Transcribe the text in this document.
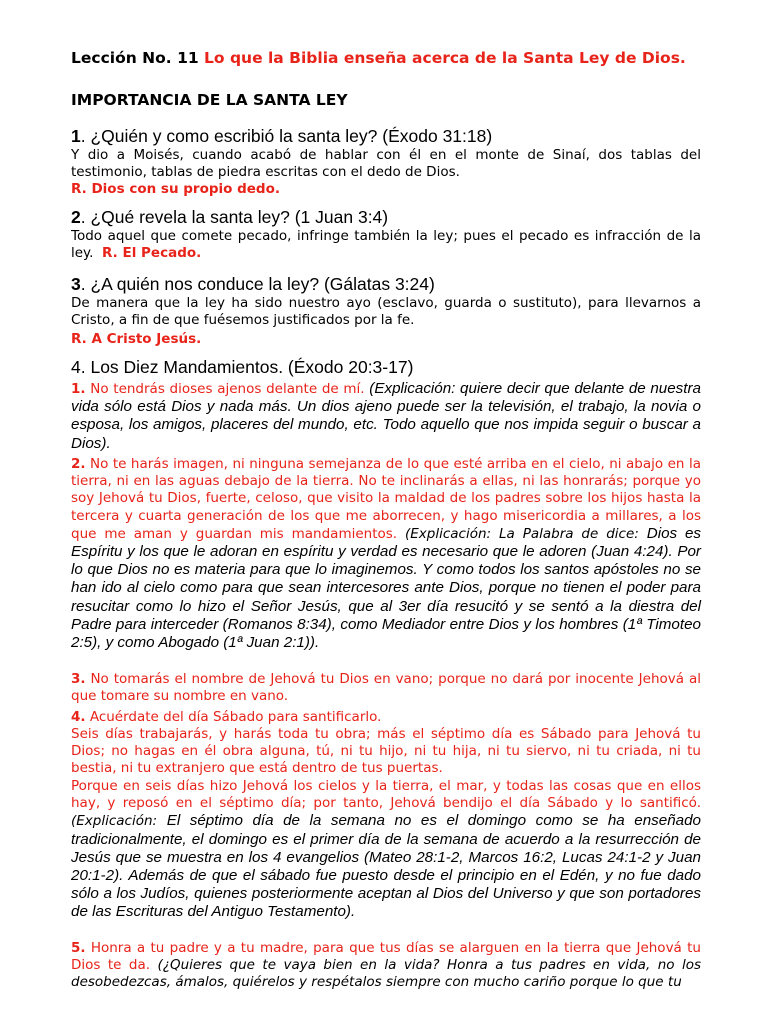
Lección No. 11 Lo que la Biblia enseña acerca de la Santa Ley de Dios.

IMPORTANCIA DE LA SANTA LEY

1. ¿Quién y como escribió la santa ley? (Éxodo 31:18)

Y dio a Moisés, cuando acabó de hablar con él en el monte de Sinaí, dos tablas del testimonio, tablas de piedra escritas con el dedo de Dios.

R. Dios con su propio dedo.

2. ¿Qué revela la santa ley? (1 Juan 3:4)

Todo aquel que comete pecado, infringe también la ley; pues el pecado es infracción de la ley. R. El Pecado.

3. ¿A quién nos conduce la ley? (Gálatas 3:24)

De manera que la ley ha sido nuestro ayo (esclavo, guarda o sustituto), para llevarnos a Cristo, a fin de que fuésemos justificados por la fe.

R. A Cristo Jesús.

4. Los Diez Mandamientos. (Éxodo 20:3-17)

1. No tendrás dioses ajenos delante de mí. (Explicación: quiere decir que delante de nuestra vida sólo está Dios y nada más. Un dios ajeno puede ser la televisión, el trabajo, la novia o esposa, los amigos, placeres del mundo, etc. Todo aquello que nos impida seguir o buscar a Dios).

2. No te harás imagen, ni ninguna semejanza de lo que esté arriba en el cielo, ni abajo en la tierra, ni en las aguas debajo de la tierra. No te inclinarás a ellas, ni las honrarás; porque yo soy Jehová tu Dios, fuerte, celoso, que visito la maldad de los padres sobre los hijos hasta la tercera y cuarta generación de los que me aborrecen, y hago misericordia a millares, a los que me aman y guardan mis mandamientos. (Explicación: La Palabra de dice: Dios es Espíritu y los que le adoran en espíritu y verdad es necesario que le adoren (Juan 4:24). Por lo que Dios no es materia para que lo imaginemos. Y como todos los santos apóstoles no se han ido al cielo como para que sean intercesores ante Dios, porque no tienen el poder para resucitar como lo hizo el Señor Jesús, que al 3er día resucitó y se sentó a la diestra del Padre para interceder (Romanos 8:34), como Mediador entre Dios y los hombres (1ª Timoteo 2:5), y como Abogado (1ª Juan 2:1)).

3. No tomarás el nombre de Jehová tu Dios en vano; porque no dará por inocente Jehová al que tomare su nombre en vano.

4. Acuérdate del día Sábado para santificarlo.

Seis días trabajarás, y harás toda tu obra; más el séptimo día es Sábado para Jehová tu Dios; no hagas en él obra alguna, tú, ni tu hijo, ni tu hija, ni tu siervo, ni tu criada, ni tu bestia, ni tu extranjero que está dentro de tus puertas.

Porque en seis días hizo Jehová los cielos y la tierra, el mar, y todas las cosas que en ellos hay, y reposó en el séptimo día; por tanto, Jehová bendijo el día Sábado y lo santificó. (Explicación: El séptimo día de la semana no es el domingo como se ha enseñado tradicionalmente, el domingo es el primer día de la semana de acuerdo a la resurrección de Jesús que se muestra en los 4 evangelios (Mateo 28:1-2, Marcos 16:2, Lucas 24:1-2 y Juan 20:1-2). Además de que el sábado fue puesto desde el principio en el Edén, y no fue dado sólo a los Judíos, quienes posteriormente aceptan al Dios del Universo y que son portadores de las Escrituras del Antiguo Testamento).

5. Honra a tu padre y a tu madre, para que tus días se alarguen en la tierra que Jehová tu Dios te da. (¿Quieres que te vaya bien en la vida? Honra a tus padres en vida, no los desobedezcas, ámalos, quiérelos y respétalos siempre con mucho cariño porque lo que tu
